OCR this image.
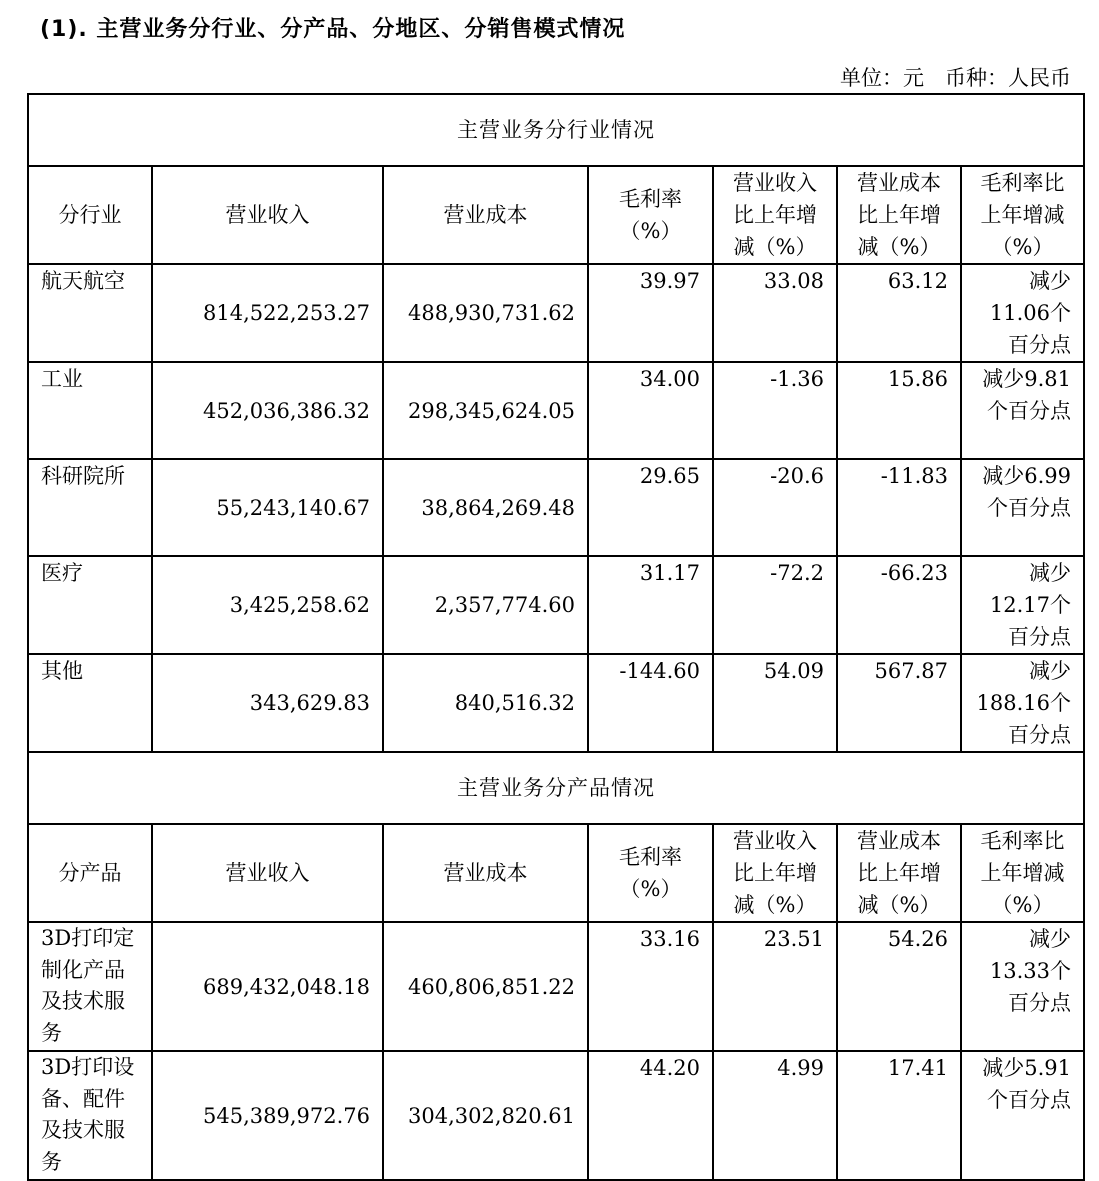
(1). 主营业务分行业、分产品、分地区、分销售模式情况
单位：元　币种：人民币
主营业务分行业情况						
分行业	营业收入	营业成本	毛利率（%）	营业收入比上年增减（%）	营业成本比上年增减（%）	毛利率比上年增减（%）
航天航空	814,522,253.27	488,930,731.62	39.97	33.08	63.12	减少11.06个百分点
工业	452,036,386.32	298,345,624.05	34.00	-1.36	15.86	减少9.81个百分点
科研院所	55,243,140.67	38,864,269.48	29.65	-20.6	-11.83	减少6.99个百分点
医疗	3,425,258.62	2,357,774.60	31.17	-72.2	-66.23	减少12.17个百分点
其他	343,629.83	840,516.32	-144.60	54.09	567.87	减少188.16个百分点
主营业务分产品情况						
分产品	营业收入	营业成本	毛利率（%）	营业收入比上年增减（%）	营业成本比上年增减（%）	毛利率比上年增减（%）
3D打印定制化产品及技术服务	689,432,048.18	460,806,851.22	33.16	23.51	54.26	减少13.33个百分点
3D打印设备、配件及技术服务	545,389,972.76	304,302,820.61	44.20	4.99	17.41	减少5.91个百分点
